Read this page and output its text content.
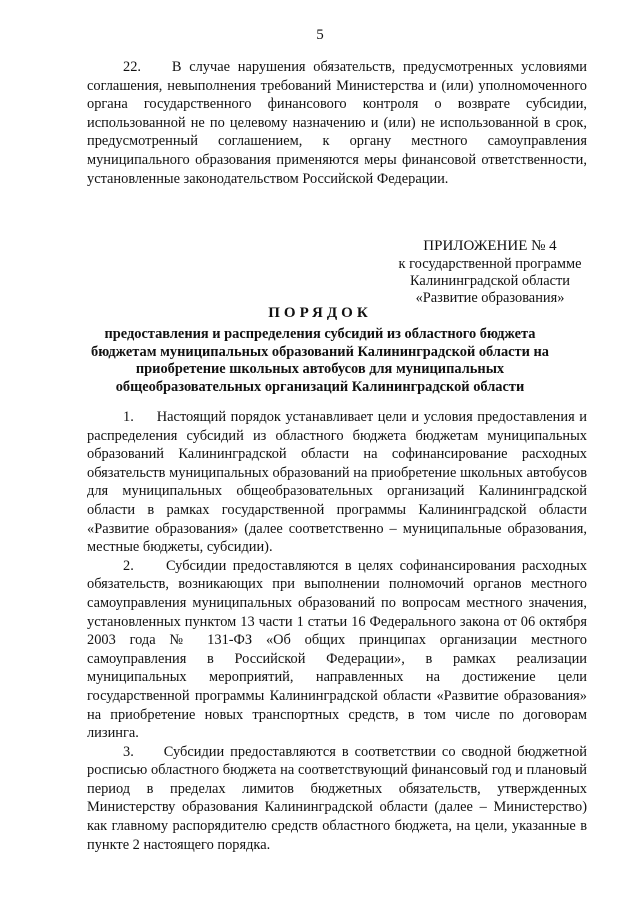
5

22.    В случае нарушения обязательств, предусмотренных условиями соглашения, невыполнения требований Министерства и (или) уполномоченного органа государственного финансового контроля о возврате субсидии, использованной не по целевому назначению и (или) не использованной в срок, предусмотренный соглашением, к органу местного самоуправления муниципального образования применяются меры финансовой ответственности, установленные законодательством Российской Федерации.

ПРИЛОЖЕНИЕ № 4
к государственной программе
Калининградской области
«Развитие образования»
ПОРЯДОК
предоставления и распределения субсидий из областного бюджета бюджетам муниципальных образований Калининградской области на приобретение школьных автобусов для муниципальных общеобразовательных организаций Калининградской области

1.     Настоящий порядок устанавливает цели и условия предоставления и распределения субсидий из областного бюджета бюджетам муниципальных образований Калининградской области на софинансирование расходных обязательств муниципальных образований на приобретение школьных автобусов для муниципальных общеобразовательных организаций Калининградской области в рамках государственной программы Калининградской области «Развитие образования» (далее соответственно – муниципальные образования, местные бюджеты, субсидии).

2.     Субсидии предоставляются в целях софинансирования расходных обязательств, возникающих при выполнении полномочий органов местного самоуправления муниципальных образований по вопросам местного значения, установленных пунктом 13 части 1 статьи 16 Федерального закона от 06 октября 2003 года № 131-ФЗ «Об общих принципах организации местного самоуправления в Российской Федерации», в рамках реализации муниципальных мероприятий, направленных на достижение цели государственной программы Калининградской области «Развитие образования» на приобретение новых транспортных средств, в том числе по договорам лизинга.

3.     Субсидии предоставляются в соответствии со сводной бюджетной росписью областного бюджета на соответствующий финансовый год и плановый период в пределах лимитов бюджетных обязательств, утвержденных Министерству образования Калининградской области (далее – Министерство) как главному распорядителю средств областного бюджета, на цели, указанные в пункте 2 настоящего порядка.
